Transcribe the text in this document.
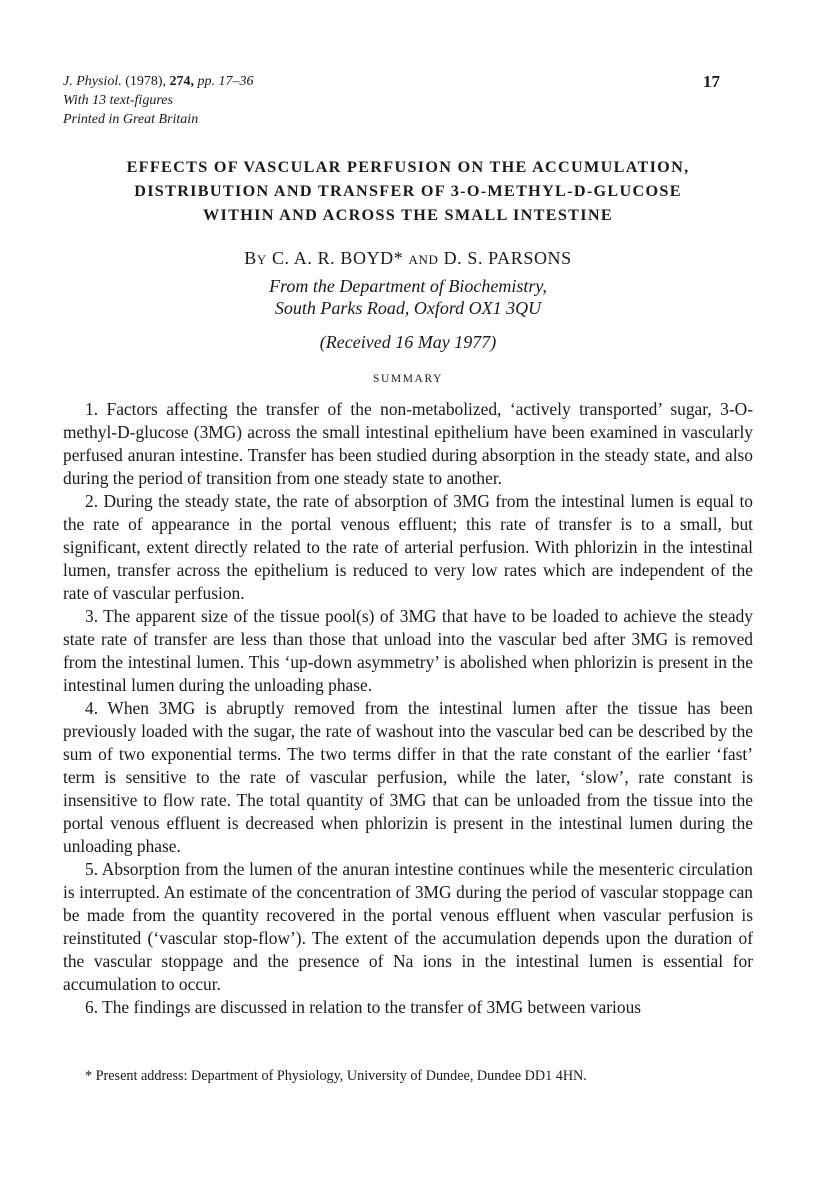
J. Physiol. (1978), 274, pp. 17–36
With 13 text-figures
Printed in Great Britain
17
EFFECTS OF VASCULAR PERFUSION ON THE ACCUMULATION,
DISTRIBUTION AND TRANSFER OF 3-O-METHYL-D-GLUCOSE
WITHIN AND ACROSS THE SMALL INTESTINE
By C. A. R. BOYD* and D. S. PARSONS
From the Department of Biochemistry,
South Parks Road, Oxford OX1 3QU
(Received 16 May 1977)
SUMMARY

1. Factors affecting the transfer of the non-metabolized, ‘actively transported’ sugar, 3-O-methyl-D-glucose (3MG) across the small intestinal epithelium have been examined in vascularly perfused anuran intestine. Transfer has been studied during absorption in the steady state, and also during the period of transition from one steady state to another.

2. During the steady state, the rate of absorption of 3MG from the intestinal lumen is equal to the rate of appearance in the portal venous effluent; this rate of transfer is to a small, but significant, extent directly related to the rate of arterial perfusion. With phlorizin in the intestinal lumen, transfer across the epithelium is reduced to very low rates which are independent of the rate of vascular perfusion.

3. The apparent size of the tissue pool(s) of 3MG that have to be loaded to achieve the steady state rate of transfer are less than those that unload into the vascular bed after 3MG is removed from the intestinal lumen. This ‘up-down asymmetry’ is abolished when phlorizin is present in the intestinal lumen during the unloading phase.

4. When 3MG is abruptly removed from the intestinal lumen after the tissue has been previously loaded with the sugar, the rate of washout into the vascular bed can be described by the sum of two exponential terms. The two terms differ in that the rate constant of the earlier ‘fast’ term is sensitive to the rate of vascular perfusion, while the later, ‘slow’, rate constant is insensitive to flow rate. The total quantity of 3MG that can be unloaded from the tissue into the portal venous effluent is decreased when phlorizin is present in the intestinal lumen during the unloading phase.

5. Absorption from the lumen of the anuran intestine continues while the mesenteric circulation is interrupted. An estimate of the concentration of 3MG during the period of vascular stoppage can be made from the quantity recovered in the portal venous effluent when vascular perfusion is reinstituted (‘vascular stop-flow’). The extent of the accumulation depends upon the duration of the vascular stoppage and the presence of Na ions in the intestinal lumen is essential for accumulation to occur.

6. The findings are discussed in relation to the transfer of 3MG between various

* Present address: Department of Physiology, University of Dundee, Dundee DD1 4HN.
